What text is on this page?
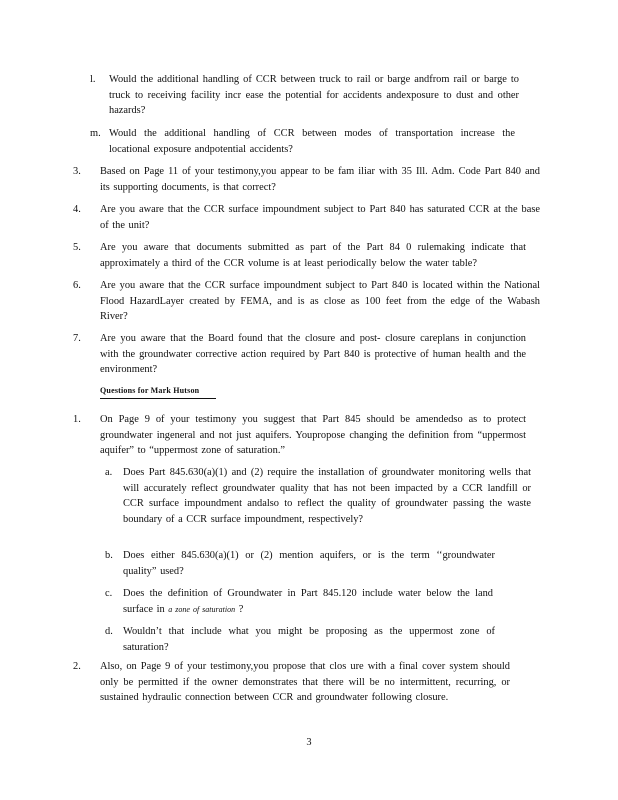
l. Would the additional handling of CCR between truck to rail or barge andfrom rail or barge to truck to receiving facility incr ease the potential for accidents andexposure to dust and other hazards?
m. Would the additional handling of CCR between modes of transportation increase the locational exposure andpotential accidents?
3. Based on Page 11 of your testimony,you appear to be fam iliar with 35 Ill. Adm. Code Part 840 and its supporting documents, is that correct?
4. Are you aware that the CCR surface impoundment subject to Part 840 has saturated CCR at the base of the unit?
5. Are you aware that documents submitted as part of the Part 84 0 rulemaking indicate that approximately a third of the CCR volume is at least periodically below the water table?
6. Are you aware that the CCR surface impoundment subject to Part 840 is located within the National Flood HazardLayer created by FEMA, and is as close as 100 feet from the edge of the Wabash River?
7. Are you aware that the Board found that the closure and post- closure careplans in conjunction with the groundwater corrective action required by Part 840 is protective of human health and the environment?
Questions for Mark Hutson
1. On Page 9 of your testimony you suggest that Part 845 should be amendedso as to protect groundwater ingeneral and not just aquifers. Youpropose changing the definition from “uppermost aquifer” to “uppermost zone of saturation.”
a. Does Part 845.630(a)(1) and (2) require the installation of groundwater monitoring wells that will accurately reflect groundwater quality that has not been impacted by a CCR landfill or CCR surface impoundment andalso to reflect the quality of groundwater passing the waste boundary of a CCR surface impoundment, respectively?
b. Does either 845.630(a)(1) or (2) mention aquifers, or is the term ‘‘groundwater quality” used?
c. Does the definition of Groundwater in Part 845.120 include water below the land surface in a zone of saturation ?
d. Wouldn’t that include what you might be proposing as the uppermost zone of saturation?
2. Also, on Page 9 of your testimony,you propose that clos ure with a final cover system should only be permitted if the owner demonstrates that there will be no intermittent, recurring, or sustained hydraulic connection between CCR and groundwater following closure.
3
